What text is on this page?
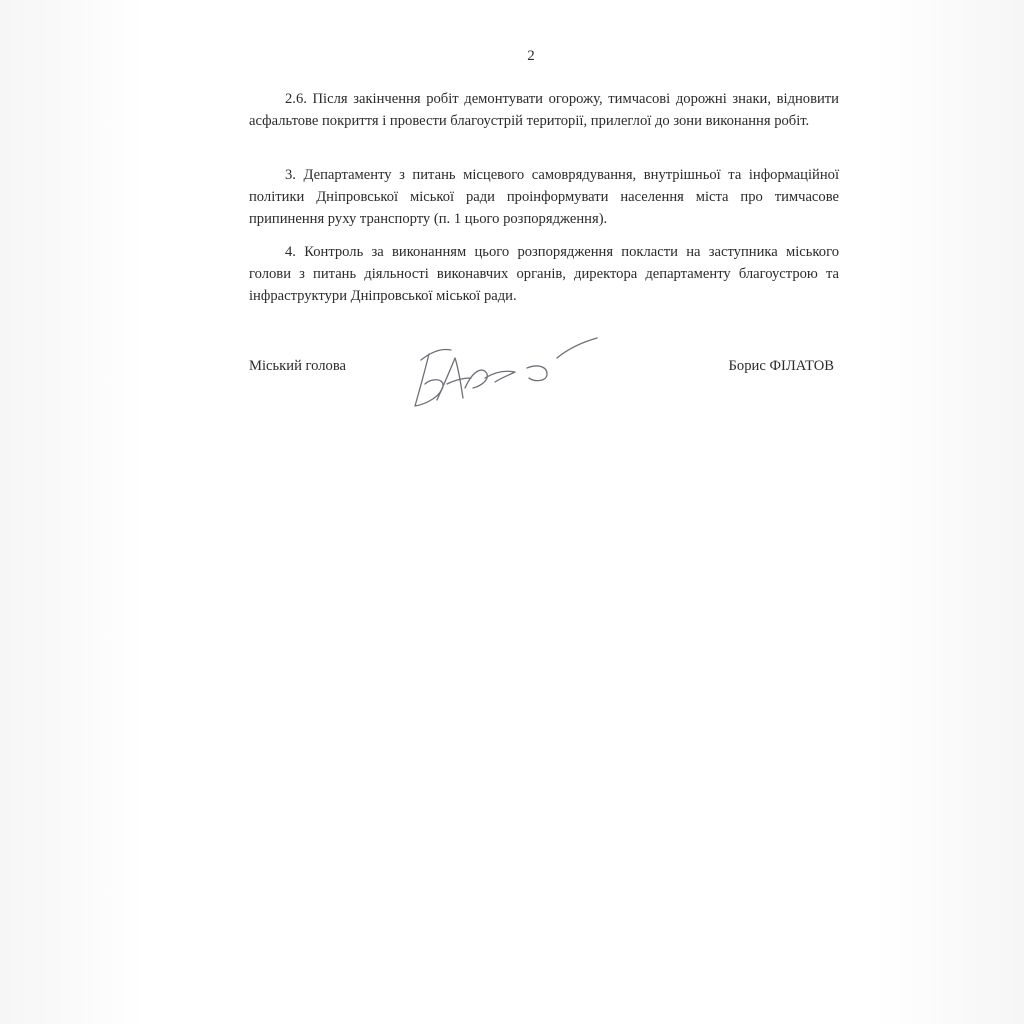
2

2.6. Після закінчення робіт демонтувати огорожу, тимчасові дорожні знаки, відновити асфальтове покриття і провести благоустрій території, прилеглої до зони виконання робіт.

3. Департаменту з питань місцевого самоврядування, внутрішньої та інформаційної політики Дніпровської міської ради проінформувати населення міста про тимчасове припинення руху транспорту (п. 1 цього розпорядження).

4. Контроль за виконанням цього розпорядження покласти на заступника міського голови з питань діяльності виконавчих органів, директора департаменту благоустрою та інфраструктури Дніпровської міської ради.

Міський голова	Борис ФІЛАТОВ
